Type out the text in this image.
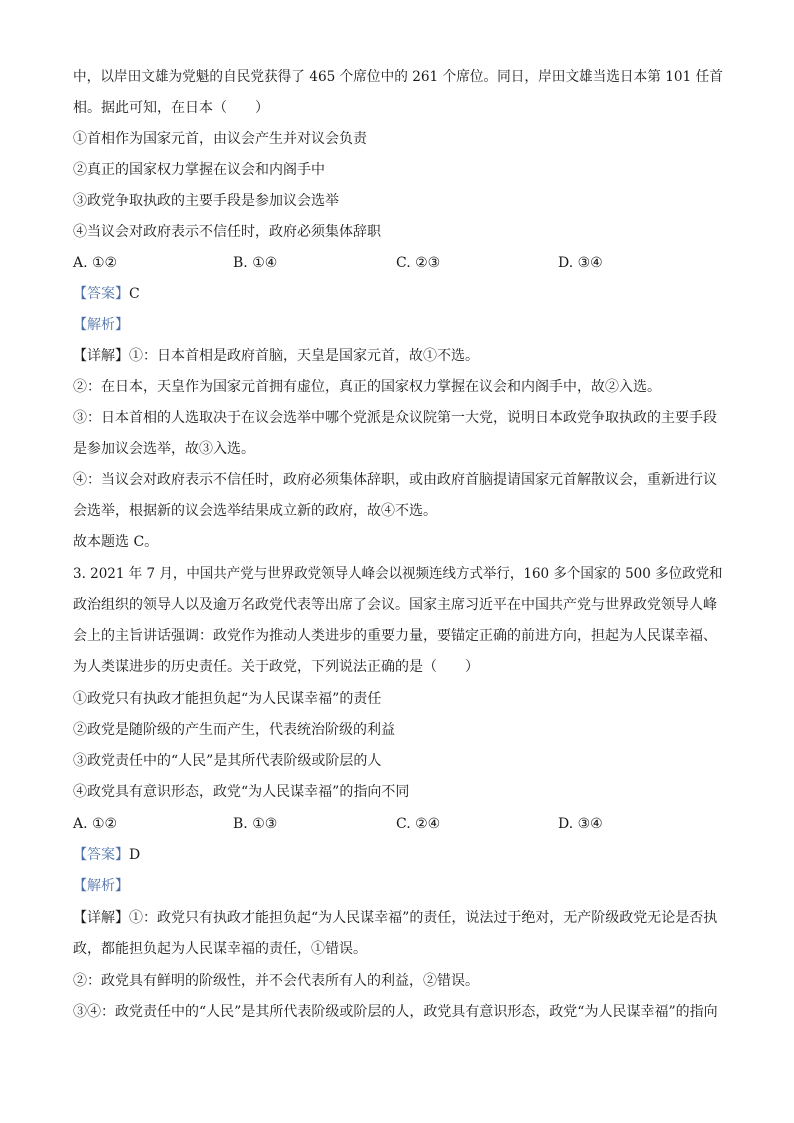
中，以岸田文雄为党魁的自民党获得了 465 个席位中的 261 个席位。同日，岸田文雄当选日本第 101 任首

相。据此可知，在日本（　　）

①首相作为国家元首，由议会产生并对议会负责

②真正的国家权力掌握在议会和内阁手中

③政党争取执政的主要手段是参加议会选举

④当议会对政府表示不信任时，政府必须集体辞职

A. ①②	B. ①④	C. ②③	D. ③④

【答案】C

【解析】

【详解】①：日本首相是政府首脑，天皇是国家元首，故①不选。

②：在日本，天皇作为国家元首拥有虚位，真正的国家权力掌握在议会和内阁手中，故②入选。

③：日本首相的人选取决于在议会选举中哪个党派是众议院第一大党，说明日本政党争取执政的主要手段

是参加议会选举，故③入选。

④：当议会对政府表示不信任时，政府必须集体辞职，或由政府首脑提请国家元首解散议会，重新进行议

会选举，根据新的议会选举结果成立新的政府，故④不选。

故本题选 C。

3. 2021 年 7 月，中国共产党与世界政党领导人峰会以视频连线方式举行，160 多个国家的 500 多位政党和

政治组织的领导人以及逾万名政党代表等出席了会议。国家主席习近平在中国共产党与世界政党领导人峰

会上的主旨讲话强调：政党作为推动人类进步的重要力量，要锚定正确的前进方向，担起为人民谋幸福、

为人类谋进步的历史责任。关于政党，下列说法正确的是（　　）

①政党只有执政才能担负起“为人民谋幸福”的责任

②政党是随阶级的产生而产生，代表统治阶级的利益

③政党责任中的“人民”是其所代表阶级或阶层的人

④政党具有意识形态，政党“为人民谋幸福”的指向不同

A. ①②	B. ①③	C. ②④	D. ③④

【答案】D

【解析】

【详解】①：政党只有执政才能担负起“为人民谋幸福”的责任，说法过于绝对，无产阶级政党无论是否执

政，都能担负起为人民谋幸福的责任，①错误。

②：政党具有鲜明的阶级性，并不会代表所有人的利益，②错误。

③④：政党责任中的“人民”是其所代表阶级或阶层的人，政党具有意识形态，政党“为人民谋幸福”的指向
